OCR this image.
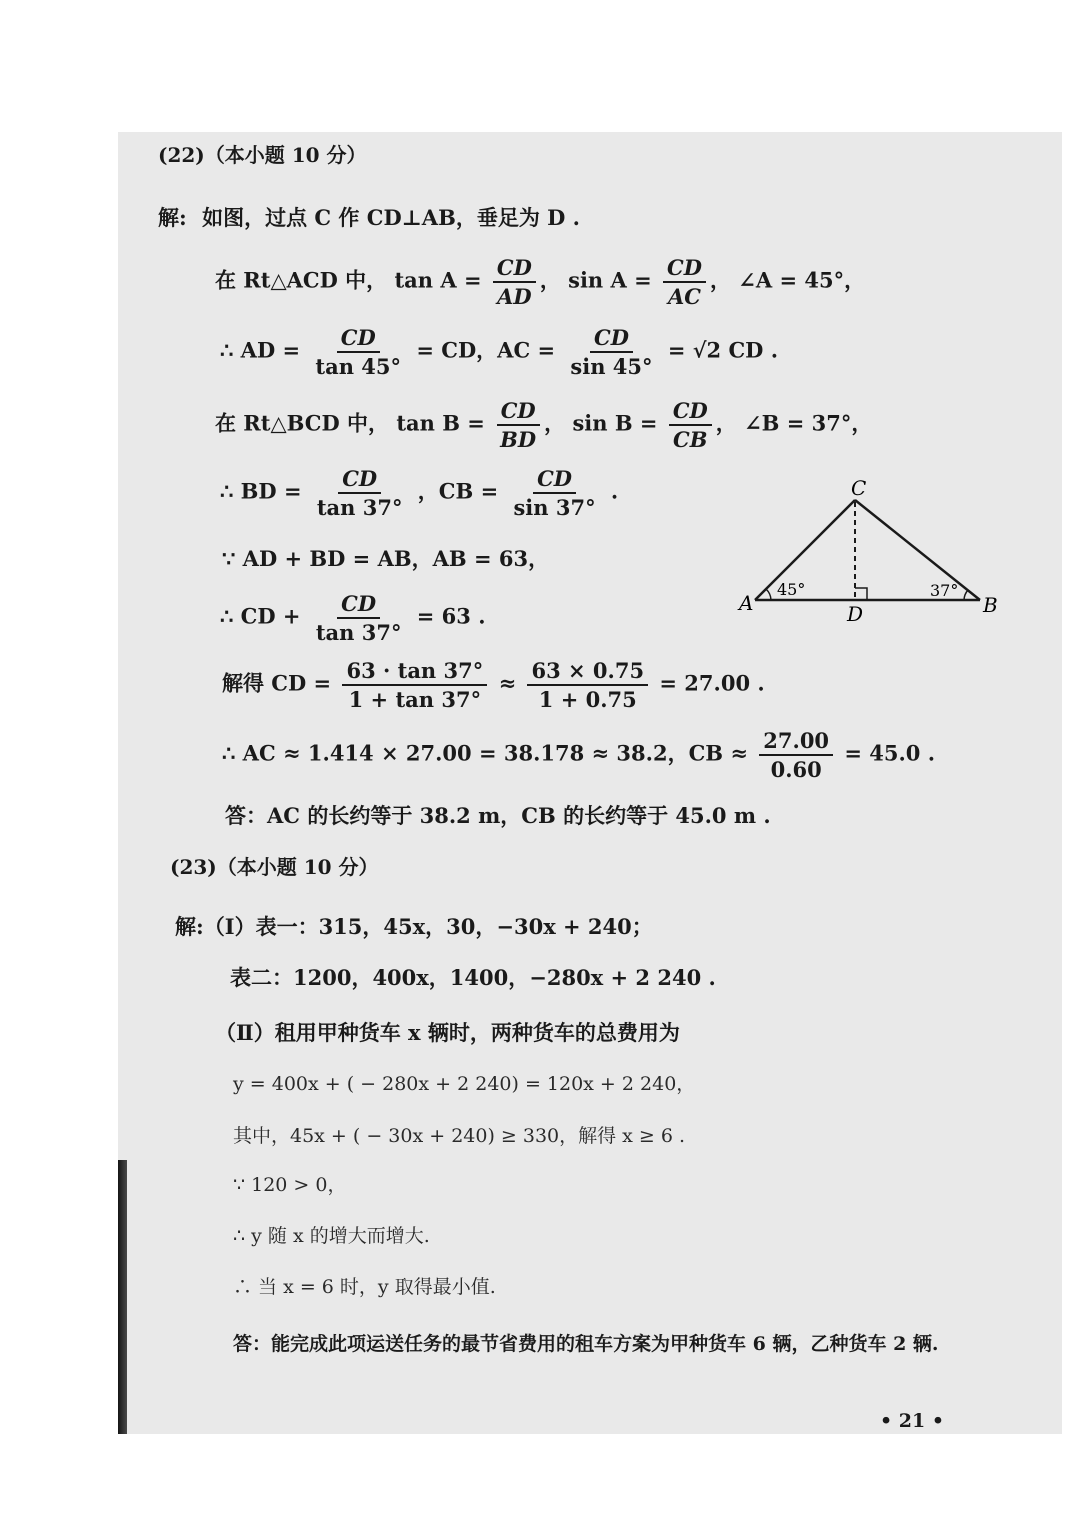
(22)（本小题 10 分）
解: 如图，过点 C 作 CD⊥AB，垂足为 D .
在 Rt△ACD 中， $\tan A = \frac{CD}{AD}$ ， $\sin A = \frac{CD}{AC}$ ， ∠A = 45°，
∴ AD = $\frac{CD}{\tan 45^\circ}$ = CD，AC = $\frac{CD}{\sin 45^\circ} = √2$ CD .
在 Rt△BCD 中， $\tan B = \frac{CD}{BD}$ ， $\sin B = \frac{CD}{CB}$ ， ∠B = 37°，
∴ BD = $\frac{CD}{\tan 37^\circ}$ ，CB = $\frac{CD}{\sin 37^\circ}$ .
∵ AD + BD = AB，AB = 63，
∴ CD + $\frac{CD}{\tan 37^\circ} = 63$ .
解得 CD = $\frac{63 \cdot \tan 37^\circ}{1 + \tan 37^\circ} \approx \frac{63 \times 0.75}{1 + 0.75} = 27.00$ .
∴ AC ≈ 1.414 × 27.00 = 38.178 ≈ 38.2，CB ≈ $\frac{27.00}{0.60} = 45.0$ .
答：AC 的长约等于 38.2 m，CB 的长约等于 45.0 m .
C
A	D	B
45°	37°
(23)（本小题 10 分）
解:（Ⅰ）表一：315，45x，30，−30x + 240；
表二：1200，400x，1400，−280x + 2 240 .
（Ⅱ）租用甲种货车 x 辆时，两种货车的总费用为
y = 400x + ( − 280x + 2 240) = 120x + 2 240，
其中，45x + ( − 30x + 240) ≥ 330，解得 x ≥ 6 .
∵ 120 > 0，
∴ y 随 x 的增大而增大.
∴ 当 x = 6 时，y 取得最小值.
答：能完成此项运送任务的最节省费用的租车方案为甲种货车 6 辆，乙种货车 2 辆.
• 21 •
